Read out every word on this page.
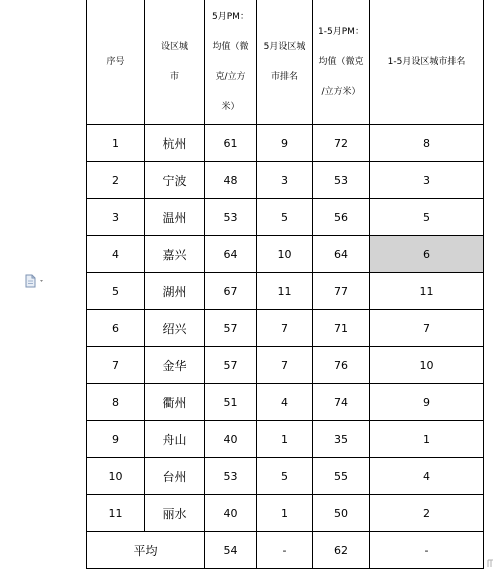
序号	设区城
市	5月PM：
均值（微
克/立方
米）	5月设区城
市排名	1-5月PM：
均值（微克
/立方米）	1-5月设区城市排名
1	杭州	61	9	72	8
2	宁波	48	3	53	3
3	温州	53	5	56	5
4	嘉兴	64	10	64	6
5	湖州	67	11	77	11
6	绍兴	57	7	71	7
7	金华	57	7	76	10
8	衢州	51	4	74	9
9	舟山	40	1	35	1
10	台州	53	5	55	4
11	丽水	40	1	50	2
平均		54	-	62	-
